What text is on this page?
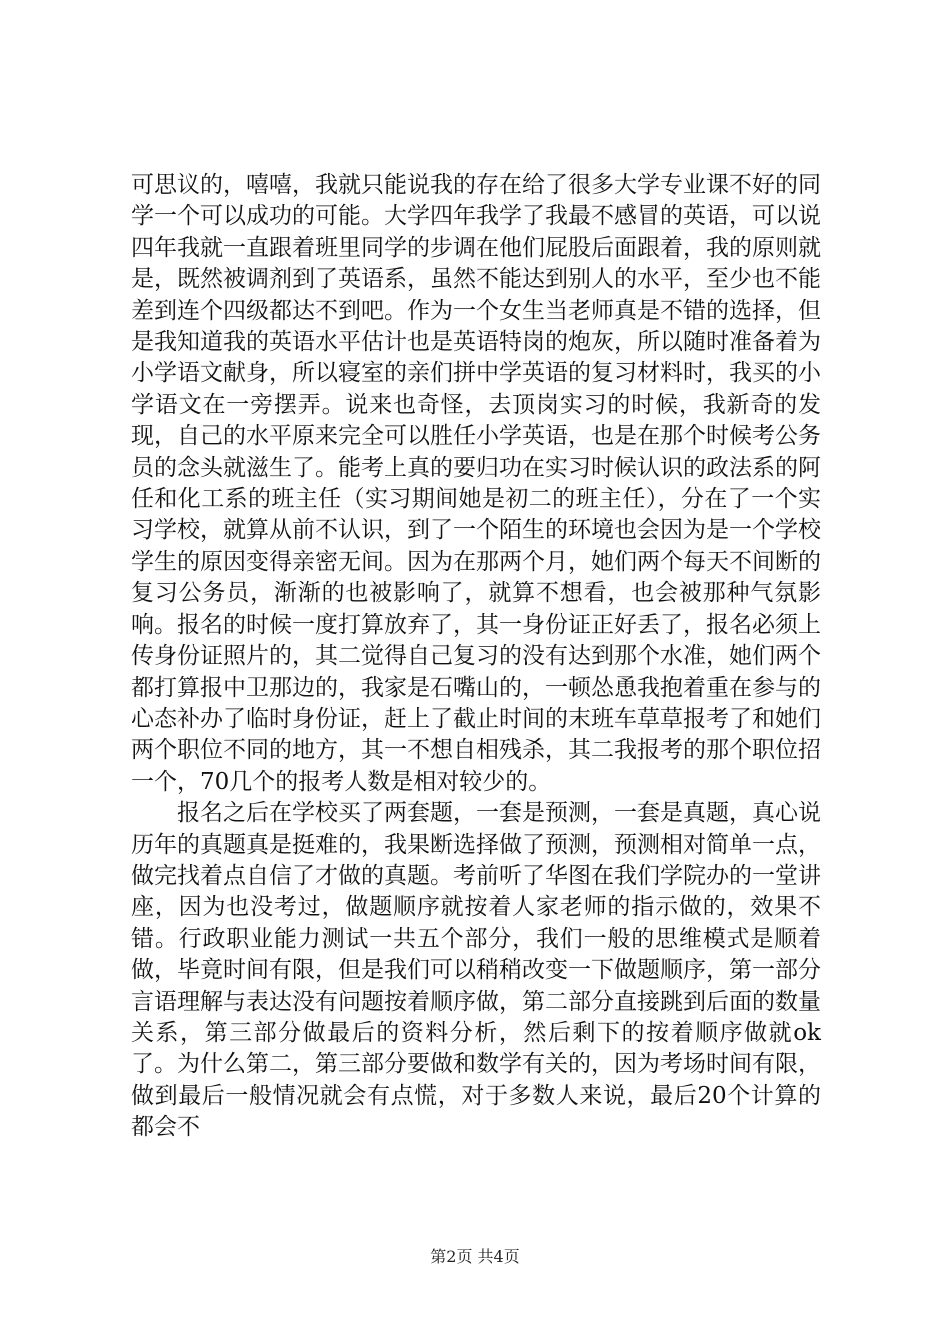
可思议的，嘻嘻，我就只能说我的存在给了很多大学专业课不好的同学一个可以成功的可能。大学四年我学了我最不感冒的英语，可以说四年我就一直跟着班里同学的步调在他们屁股后面跟着，我的原则就是，既然被调剂到了英语系，虽然不能达到别人的水平，至少也不能差到连个四级都达不到吧。作为一个女生当老师真是不错的选择，但是我知道我的英语水平估计也是英语特岗的炮灰，所以随时准备着为小学语文献身，所以寝室的亲们拼中学英语的复习材料时，我买的小学语文在一旁摆弄。说来也奇怪，去顶岗实习的时候，我新奇的发现，自己的水平原来完全可以胜任小学英语，也是在那个时候考公务员的念头就滋生了。能考上真的要归功在实习时候认识的政法系的阿任和化工系的班主任（实习期间她是初二的班主任），分在了一个实习学校，就算从前不认识，到了一个陌生的环境也会因为是一个学校学生的原因变得亲密无间。因为在那两个月，她们两个每天不间断的复习公务员，渐渐的也被影响了，就算不想看，也会被那种气氛影响。报名的时候一度打算放弃了，其一身份证正好丢了，报名必须上传身份证照片的，其二觉得自己复习的没有达到那个水准，她们两个都打算报中卫那边的，我家是石嘴山的，一顿怂恿我抱着重在参与的心态补办了临时身份证，赶上了截止时间的末班车草草报考了和她们两个职位不同的地方，其一不想自相残杀，其二我报考的那个职位招一个，70几个的报考人数是相对较少的。

报名之后在学校买了两套题，一套是预测，一套是真题，真心说历年的真题真是挺难的，我果断选择做了预测，预测相对简单一点，做完找着点自信了才做的真题。考前听了华图在我们学院办的一堂讲座，因为也没考过，做题顺序就按着人家老师的指示做的，效果不错。行政职业能力测试一共五个部分，我们一般的思维模式是顺着做，毕竟时间有限，但是我们可以稍稍改变一下做题顺序，第一部分言语理解与表达没有问题按着顺序做，第二部分直接跳到后面的数量关系，第三部分做最后的资料分析，然后剩下的按着顺序做就ok了。为什么第二，第三部分要做和数学有关的，因为考场时间有限，做到最后一般情况就会有点慌，对于多数人来说，最后20个计算的都会不

第2页 共4页
